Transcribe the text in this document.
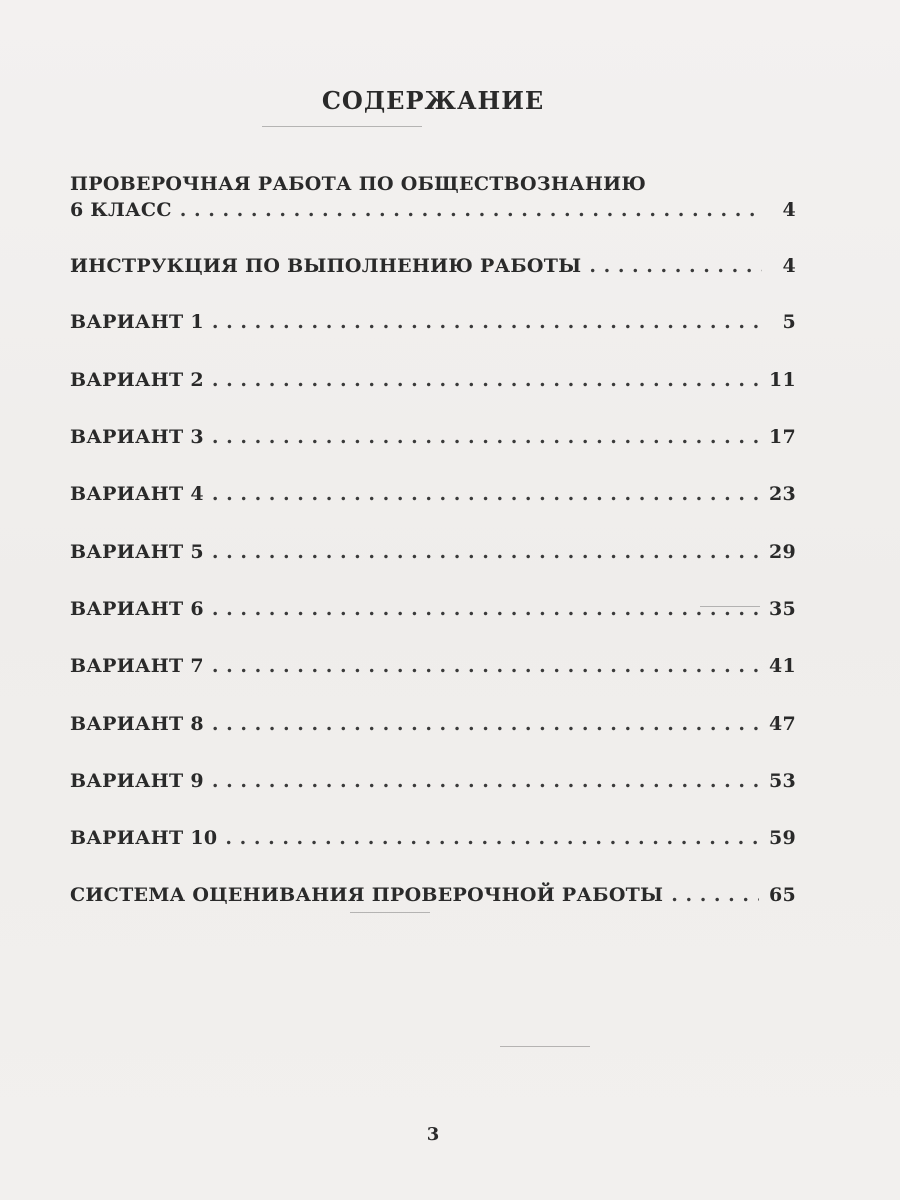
СОДЕРЖАНИЕ
ПРОВЕРОЧНАЯ РАБОТА ПО ОБЩЕСТВОЗНАНИЮ
6 КЛАСС . . .	4
ИНСТРУКЦИЯ ПО ВЫПОЛНЕНИЮ РАБОТЫ . . .	4
ВАРИАНТ 1 . . .	5
ВАРИАНТ 2 . . .	11
ВАРИАНТ 3 . . .	17
ВАРИАНТ 4 . . .	23
ВАРИАНТ 5 . . .	29
ВАРИАНТ 6 . . .	35
ВАРИАНТ 7 . . .	41
ВАРИАНТ 8 . . .	47
ВАРИАНТ 9 . . .	53
ВАРИАНТ 10 . . .	59
СИСТЕМА ОЦЕНИВАНИЯ ПРОВЕРОЧНОЙ РАБОТЫ . . .	65
3
